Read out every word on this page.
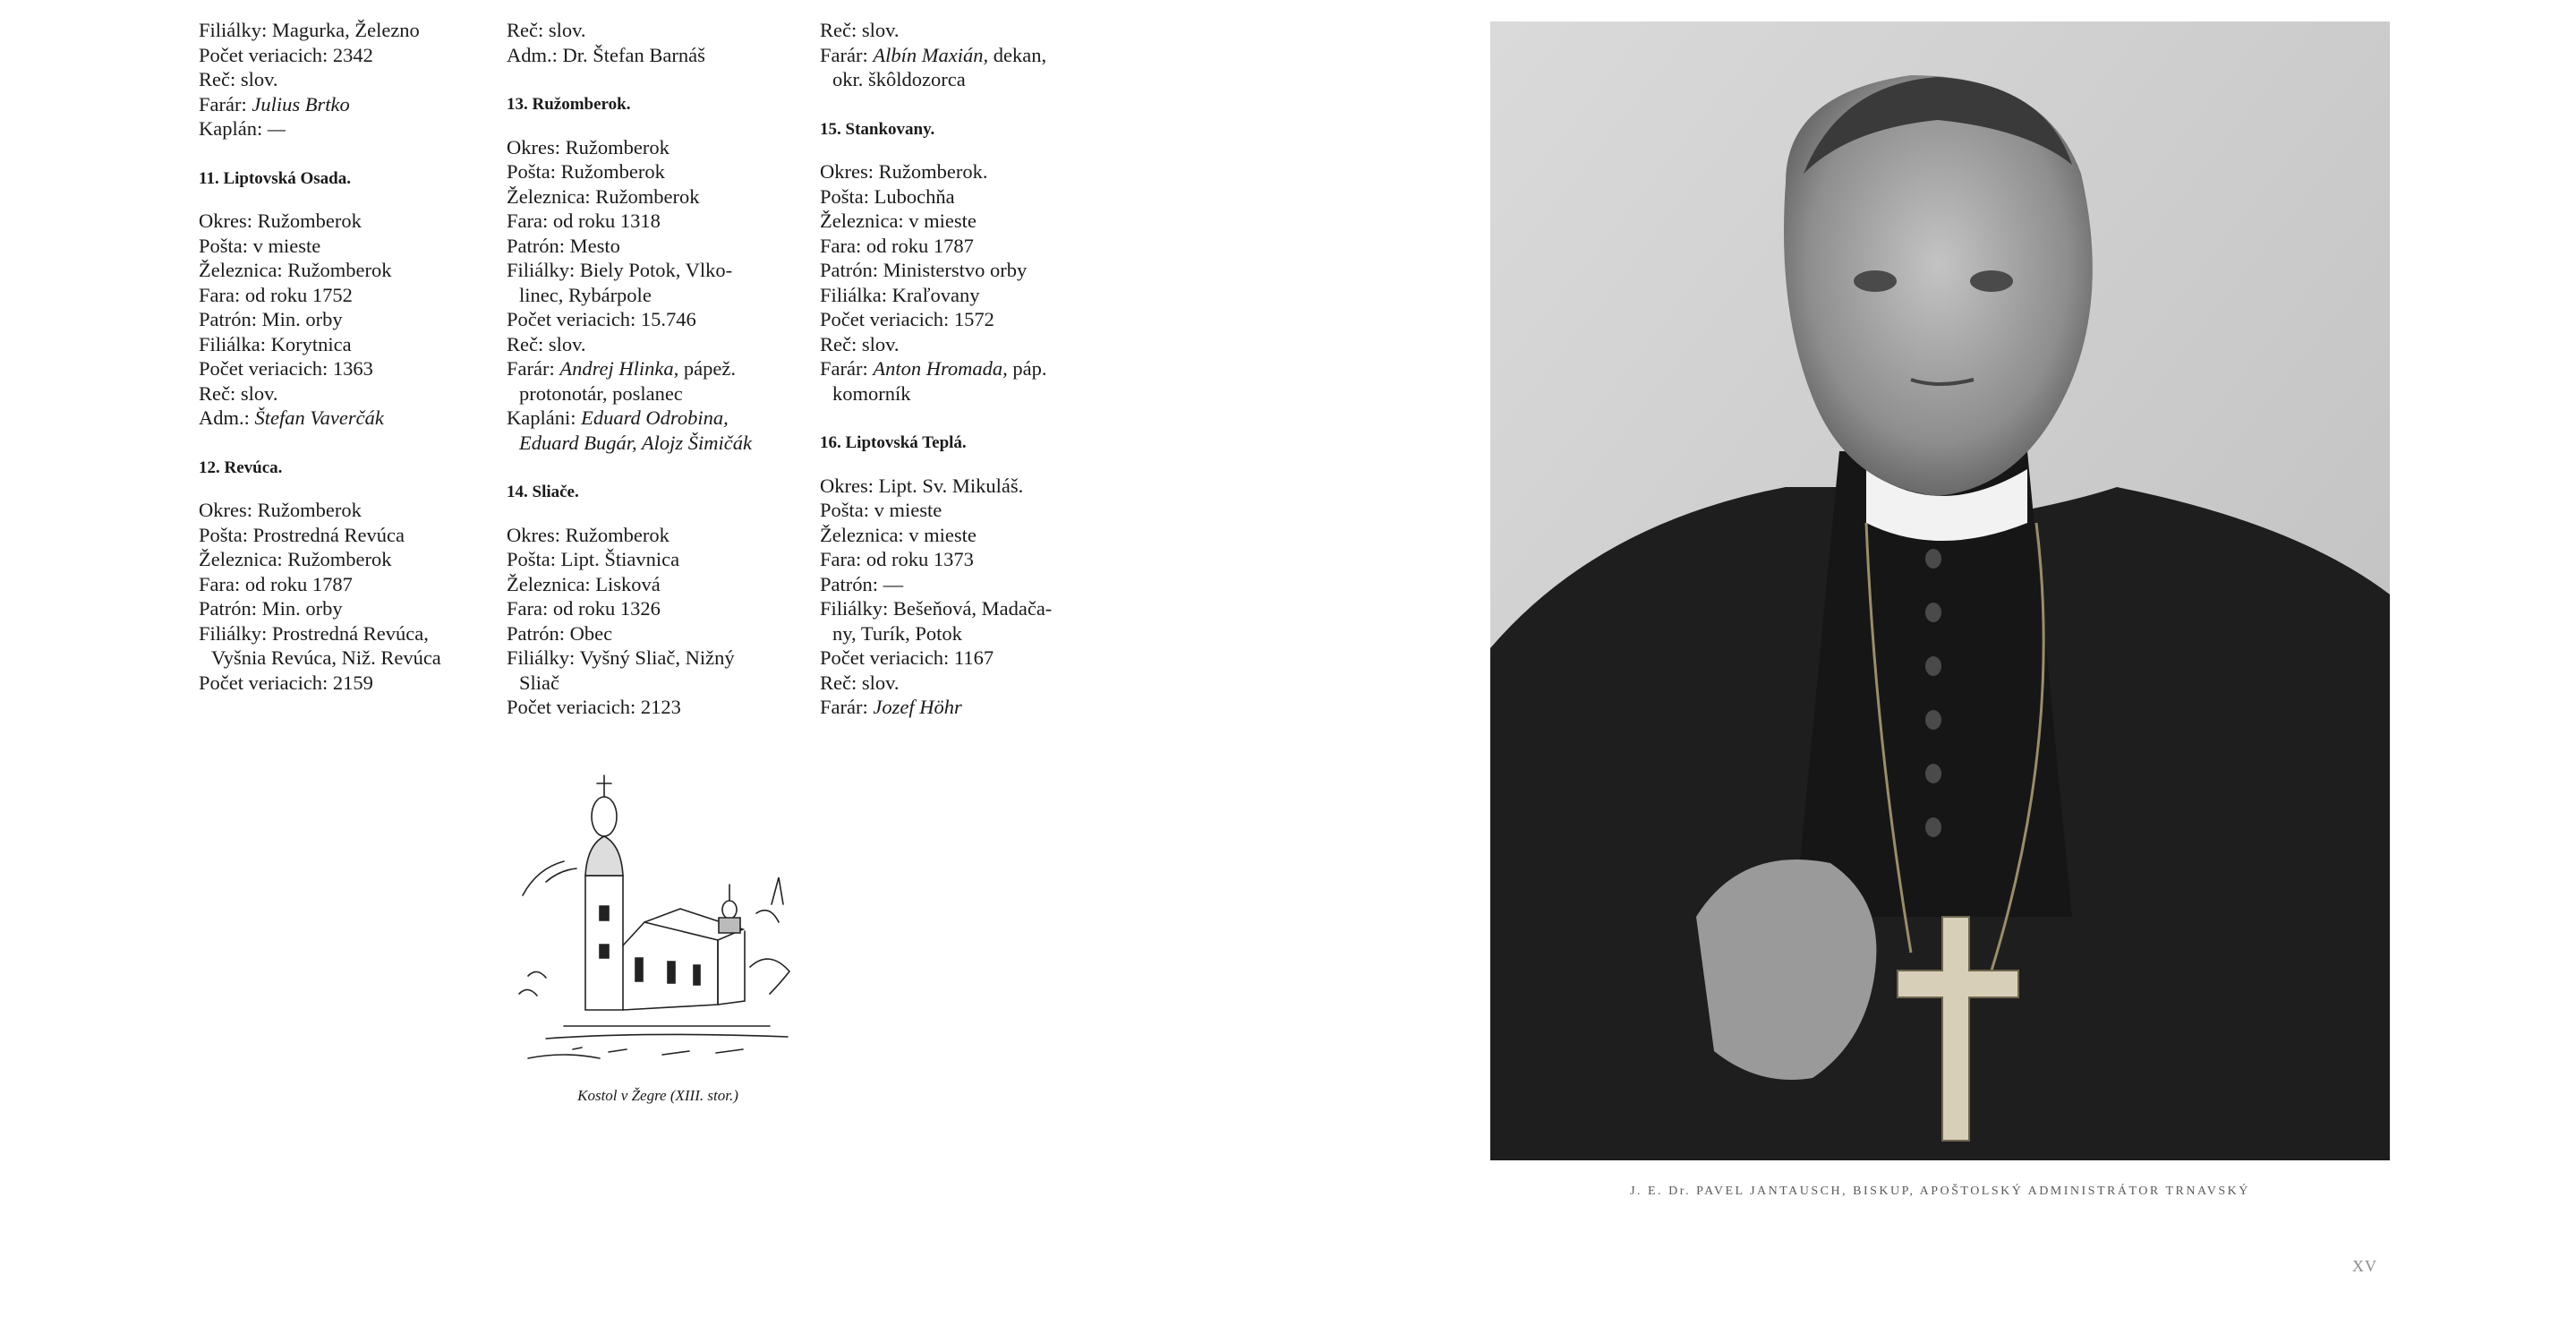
Filiálky: Magurka, Železno
Počet veriacich: 2342
Reč: slov.
Farár: Julius Brtko
Kaplán: —
11. Liptovská Osada.
Okres: Ružomberok
Pošta: v mieste
Železnica: Ružomberok
Fara: od roku 1752
Patrón: Min. orby
Filiálka: Korytnica
Počet veriacich: 1363
Reč: slov.
Adm.: Štefan Vaverčák
12. Revúca.
Okres: Ružomberok
Pošta: Prostredná Revúca
Železnica: Ružomberok
Fara: od roku 1787
Patrón: Min. orby
Filiálky: Prostredná Revúca,
Vyšnia Revúca, Niž. Revúca
Počet veriacich: 2159
Reč: slov.
Adm.: Dr. Štefan Barnáš
13. Ružomberok.
Okres: Ružomberok
Pošta: Ružomberok
Železnica: Ružomberok
Fara: od roku 1318
Patrón: Mesto
Filiálky: Biely Potok, Vlko-
linec, Rybárpole
Počet veriacich: 15.746
Reč: slov.
Farár: Andrej Hlinka, pápež.
protonotár, poslanec
Kapláni: Eduard Odrobina,
Eduard Bugár, Alojz Šimičák
14. Sliače.
Okres: Ružomberok
Pošta: Lipt. Štiavnica
Železnica: Lisková
Fara: od roku 1326
Patrón: Obec
Filiálky: Vyšný Sliač, Nižný
Sliač
Počet veriacich: 2123
Reč: slov.
Farár: Albín Maxián, dekan,
okr. škôldozorca
15. Stankovany.
Okres: Ružomberok.
Pošta: Lubochňa
Železnica: v mieste
Fara: od roku 1787
Patrón: Ministerstvo orby
Filiálka: Kraľovany
Počet veriacich: 1572
Reč: slov.
Farár: Anton Hromada, páp.
komorník
16. Liptovská Teplá.
Okres: Lipt. Sv. Mikuláš.
Pošta: v mieste
Železnica: v mieste
Fara: od roku 1373
Patrón: —
Filiálky: Bešeňová, Madača-
ny, Turík, Potok
Počet veriacich: 1167
Reč: slov.
Farár: Jozef Höhr
Kostol v Žegre (XIII. stor.)
J. E. Dr. PAVEL JANTAUSCH, BISKUP, APOŠTOLSKÝ ADMINISTRÁTOR TRNAVSKÝ
XV
